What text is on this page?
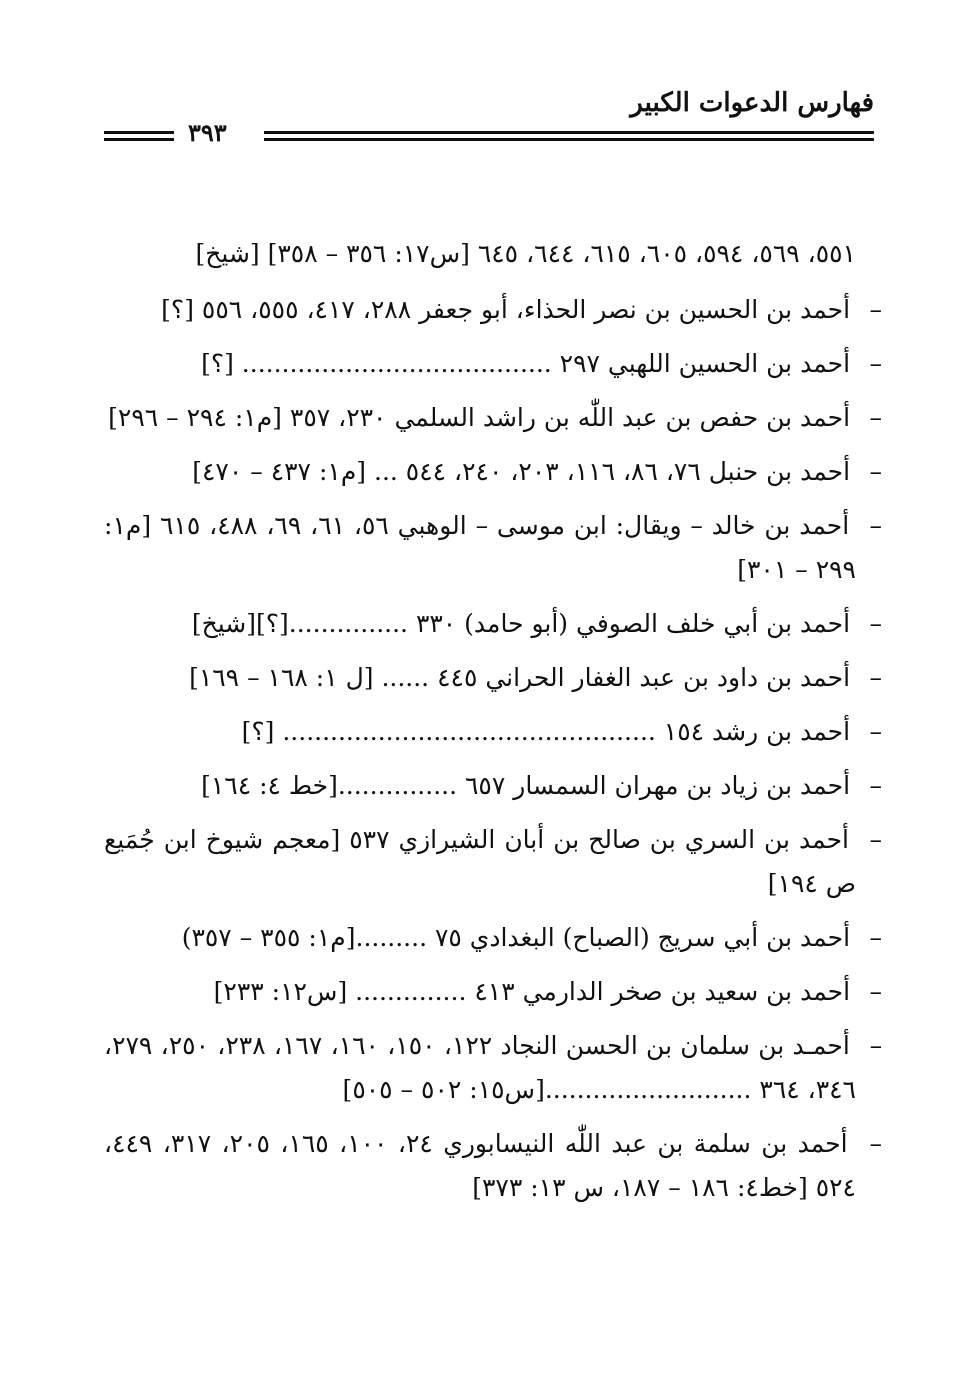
فهارس الدعوات الكبير
٣٩٣

٥٥١، ٥٦٩، ٥٩٤، ٦٠٥، ٦١٥، ٦٤٤، ٦٤٥ [س١٧: ٣٥٦ – ٣٥٨] [شيخ]

– أحمد بن الحسين بن نصر الحذاء، أبو جعفر ٢٨٨، ٤١٧، ٥٥٥، ٥٥٦ [؟]

– أحمد بن الحسين اللهبي ٢٩٧ ....................................... [؟]

– أحمد بن حفص بن عبد اللّٰه بن راشد السلمي ٢٣٠، ٣٥٧ [م١: ٢٩٤ – ٢٩٦]

– أحمد بن حنبل ٧٦، ٨٦، ١١٦، ٢٠٣، ٢٤٠، ٥٤٤ ... [م١: ٤٣٧ – ٤٧٠]

– أحمد بن خالد – ويقال: ابن موسى – الوهبي ٥٦، ٦١، ٦٩، ٤٨٨، ٦١٥ [م١: ٢٩٩ – ٣٠١]

– أحمد بن أبي خلف الصوفي (أبو حامد) ٣٣٠ ...............[؟][شيخ]

– أحمد بن داود بن عبد الغفار الحراني ٤٤٥ ...... [ل ١: ١٦٨ – ١٦٩]

– أحمد بن رشد ١٥٤ ............................................... [؟]

– أحمد بن زياد بن مهران السمسار ٦٥٧ ...............[خط ٤: ١٦٤]

– أحمد بن السري بن صالح بن أبان الشيرازي ٥٣٧ [معجم شيوخ ابن جُمَيع ص ١٩٤]

– أحمد بن أبي سريج (الصباح) البغدادي ٧٥ .........[م١: ٣٥٥ – ٣٥٧)

– أحمد بن سعيد بن صخر الدارمي ٤١٣ .............. [س١٢: ٢٣٣]

– أحمـد بن سلمان بن الحسن النجاد ١٢٢، ١٥٠، ١٦٠، ١٦٧، ٢٣٨، ٢٥٠، ٢٧٩، ٣٤٦، ٣٦٤ ..........................[س١٥: ٥٠٢ – ٥٠٥]

– أحمد بن سلمة بن عبد اللّٰه النيسابوري ٢٤، ١٠٠، ١٦٥، ٢٠٥، ٣١٧، ٤٤٩، ٥٢٤ [خط٤: ١٨٦ – ١٨٧، س ١٣: ٣٧٣]
